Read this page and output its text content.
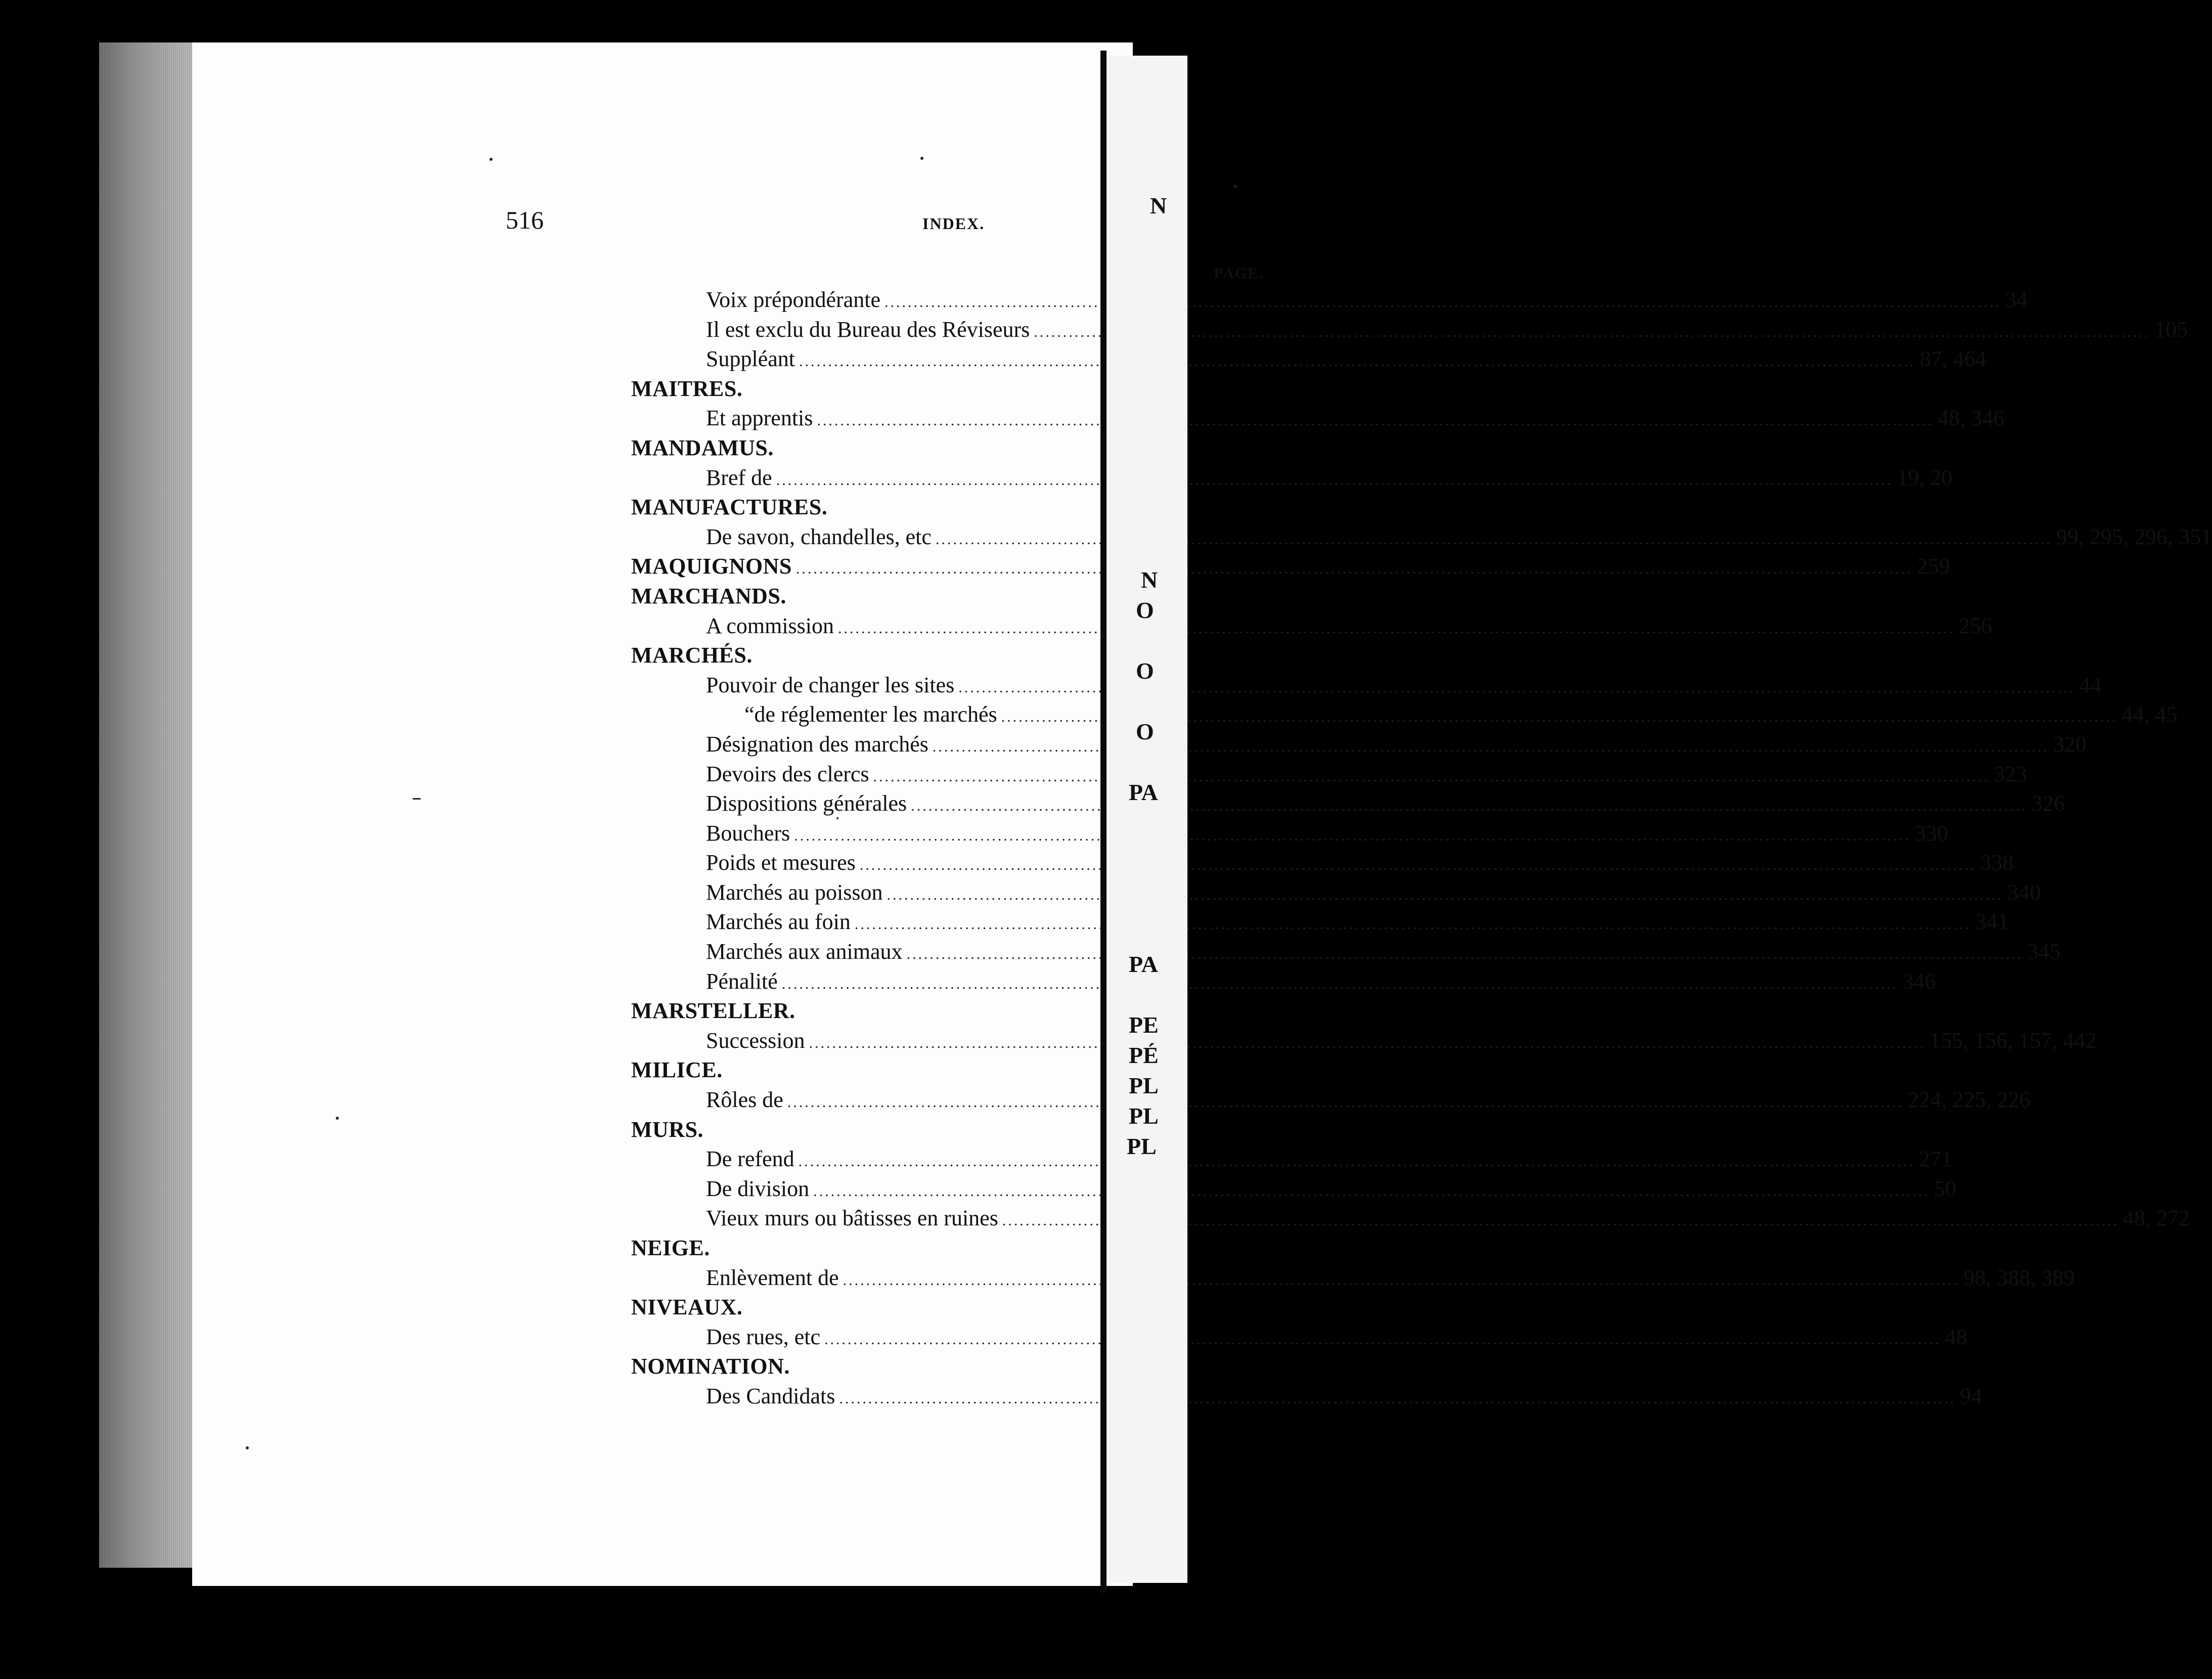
516	INDEX.
PAGE.
Voix prépondérante .....	34
Il est exclu du Bureau des Réviseurs .....	105
Suppléant .....	87, 464
MAITRES.
Et apprentis .....	48, 346
MANDAMUS.
Bref de .....	19, 20
MANUFACTURES.
De savon, chandelles, etc .....	99, 295, 296, 351
MAQUIGNONS .....	259
MARCHANDS.
A commission .....	256
MARCHÉS.
Pouvoir de changer les sites .....	44
“ de réglementer les marchés .....	44, 45
Désignation des marchés .....	320
Devoirs des clercs .....	323
Dispositions générales .....	326
Bouchers .....	330
Poids et mesures .....	338
Marchés au poisson .....	340
Marchés au foin .....	341
Marchés aux animaux .....	345
Pénalité .....	346
MARSTELLER.
Succession .....	155, 156, 157, 442
MILICE.
Rôles de .....	224, 225, 226
MURS.
De refend .....	271
De division .....	50
Vieux murs ou bâtisses en ruines .....	48, 272
NEIGE.
Enlèvement de .....	98, 388, 389
NIVEAUX.
Des rues, etc .....	48
NOMINATION.
Des Candidats .....	94
N
N
O
O
O
PA
PA
PE
PÉ
PL
PL
PL
